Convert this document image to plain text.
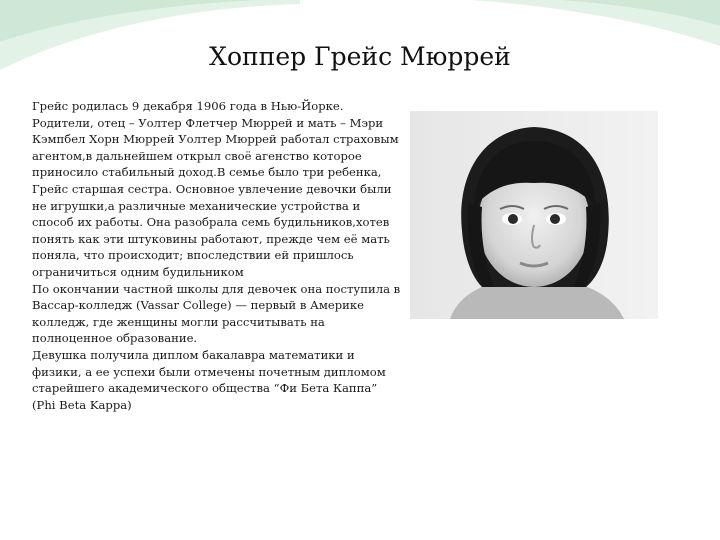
Хоппер Грейс Мюррей

Грейс родилась 9 декабря 1906 года в Нью-Йорке.
Родители, отец – Уолтер Флетчер Мюррей и мать – Мэри Кэмпбел Хорн Мюррей Уолтер Мюррей работал страховым агентом,в дальнейшем открыл своё агенство которое приносило стабильный доход.В семье было три ребенка, Грейс старшая сестра. Основное увлечение девочки были не игрушки,а различные механические устройства и способ их работы. Она разобрала семь будильников,хотев понять как эти штуковины работают, прежде чем её мать поняла, что происходит; впоследствии ей пришлось ограничиться одним будильником

По окончании частной школы для девочек она поступила в Вассар-колледж (Vassar College) — первый в Америке колледж, где женщины могли рассчитывать на полноценное образование.

Девушка получила диплом бакалавра математики и физики, а ее успехи были отмечены почетным дипломом старейшего академического общества “Фи Бета Каппа” (Phi Beta Kappa)
